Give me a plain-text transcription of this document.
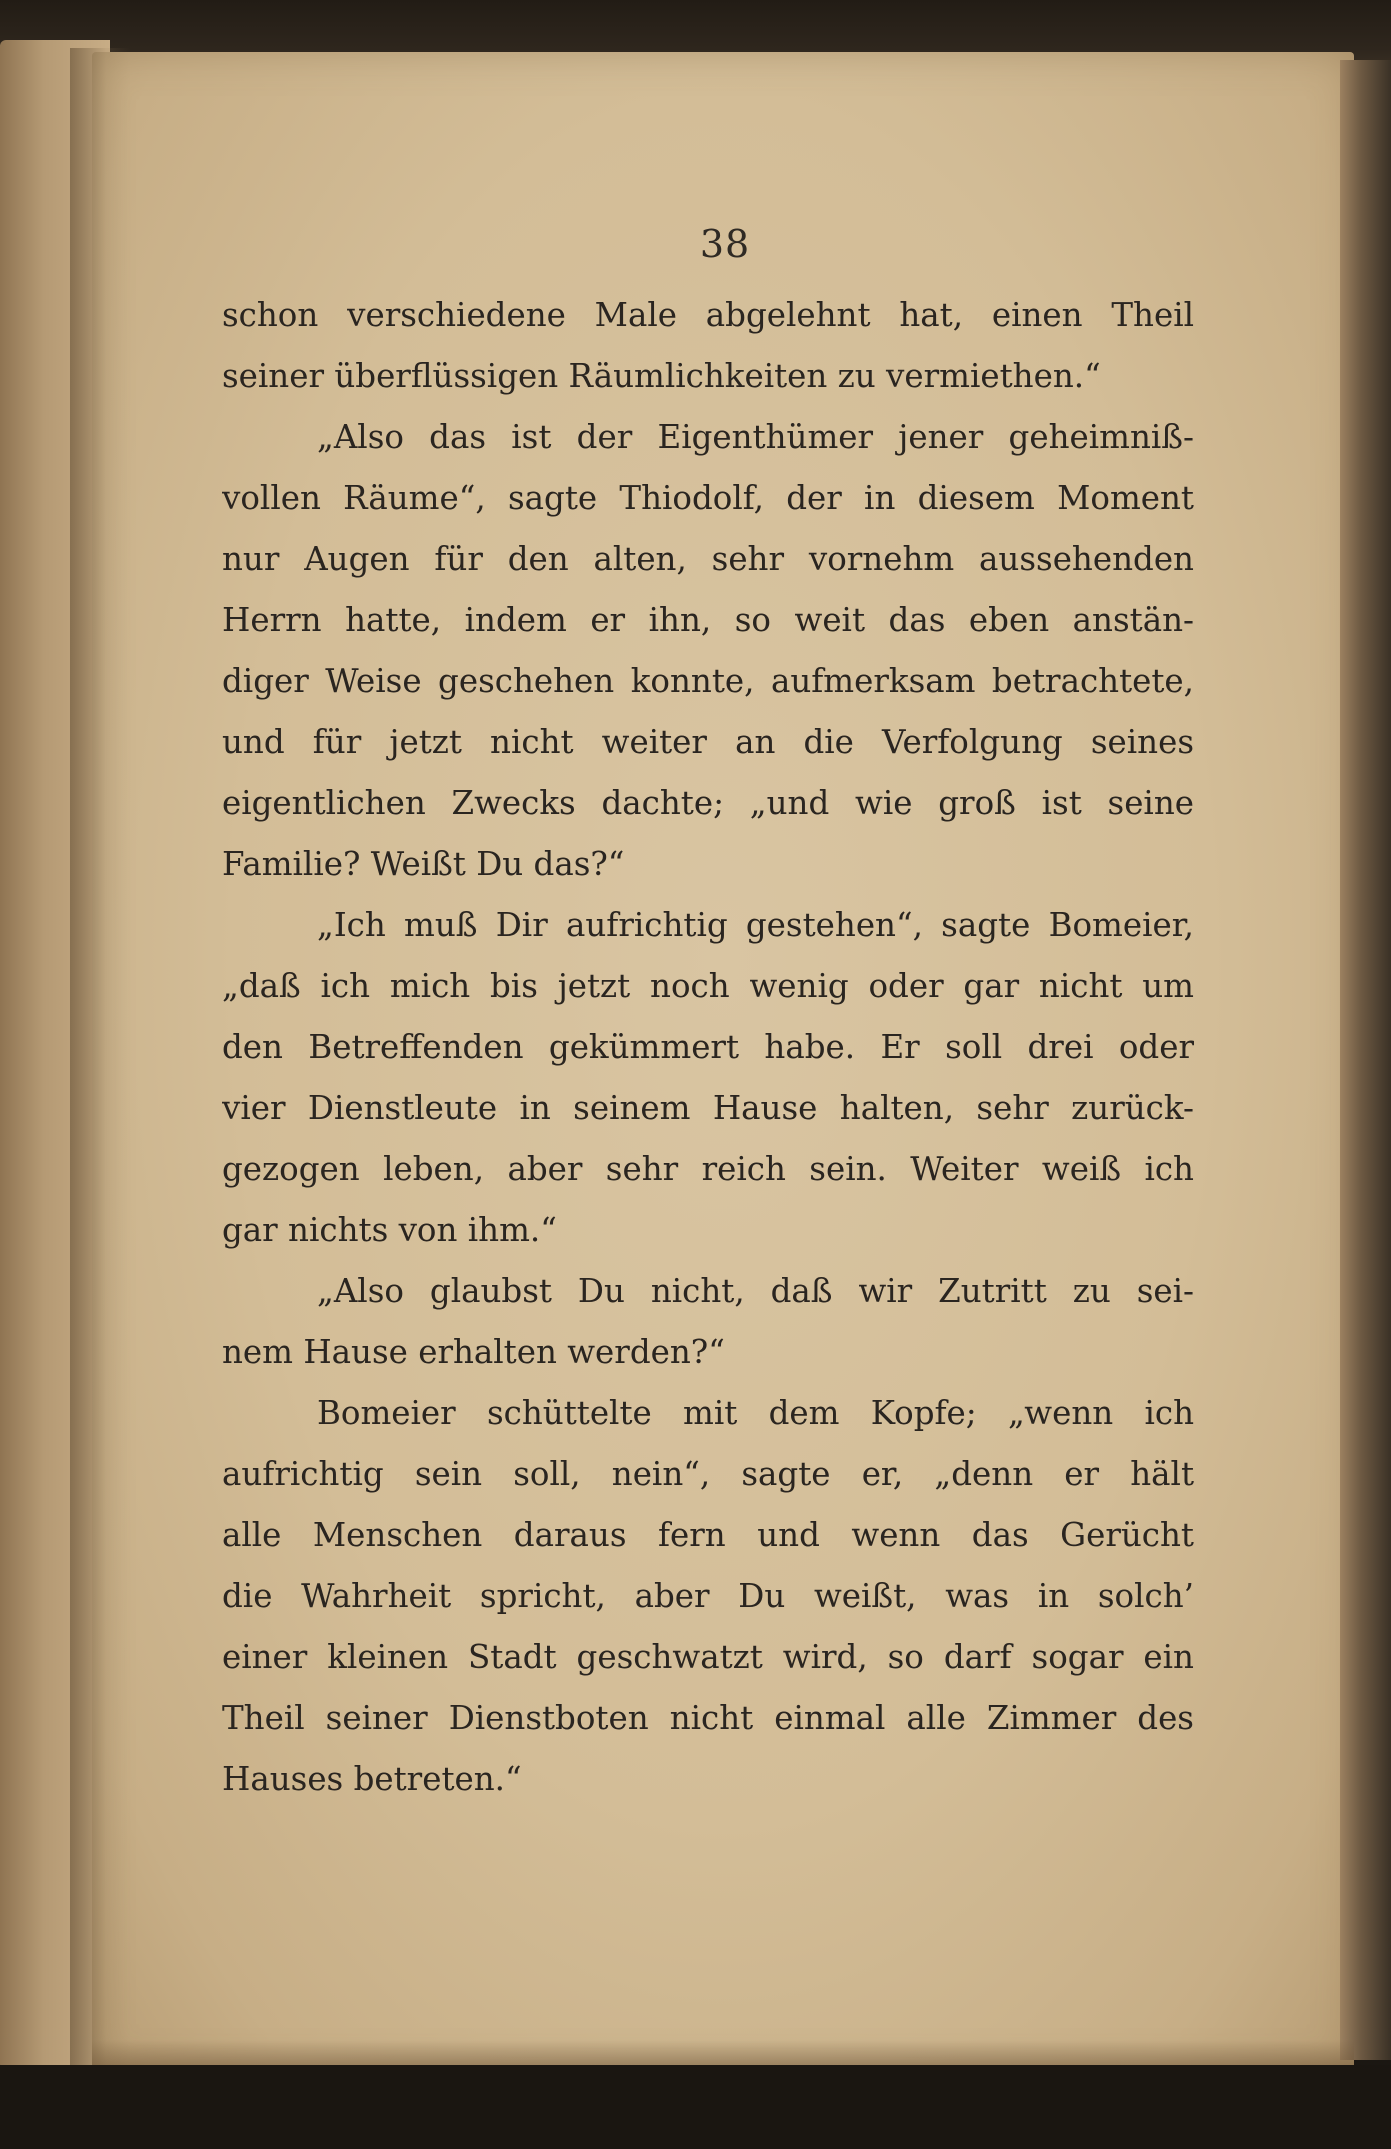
38
schon verschiedene Male abgelehnt hat, einen Theil
seiner überflüssigen Räumlichkeiten zu vermiethen.“
„Also das ist der Eigenthümer jener geheimniß-
vollen Räume“, sagte Thiodolf, der in diesem Moment
nur Augen für den alten, sehr vornehm aussehenden
Herrn hatte, indem er ihn, so weit das eben anstän-
diger Weise geschehen konnte, aufmerksam betrachtete,
und für jetzt nicht weiter an die Verfolgung seines
eigentlichen Zwecks dachte; „und wie groß ist seine
Familie? Weißt Du das?“
„Ich muß Dir aufrichtig gestehen“, sagte Bomeier,
„daß ich mich bis jetzt noch wenig oder gar nicht um
den Betreffenden gekümmert habe. Er soll drei oder
vier Dienstleute in seinem Hause halten, sehr zurück-
gezogen leben, aber sehr reich sein. Weiter weiß ich
gar nichts von ihm.“
„Also glaubst Du nicht, daß wir Zutritt zu sei-
nem Hause erhalten werden?“
Bomeier schüttelte mit dem Kopfe; „wenn ich
aufrichtig sein soll, nein“, sagte er, „denn er hält
alle Menschen daraus fern und wenn das Gerücht
die Wahrheit spricht, aber Du weißt, was in solch’
einer kleinen Stadt geschwatzt wird, so darf sogar ein
Theil seiner Dienstboten nicht einmal alle Zimmer des
Hauses betreten.“
